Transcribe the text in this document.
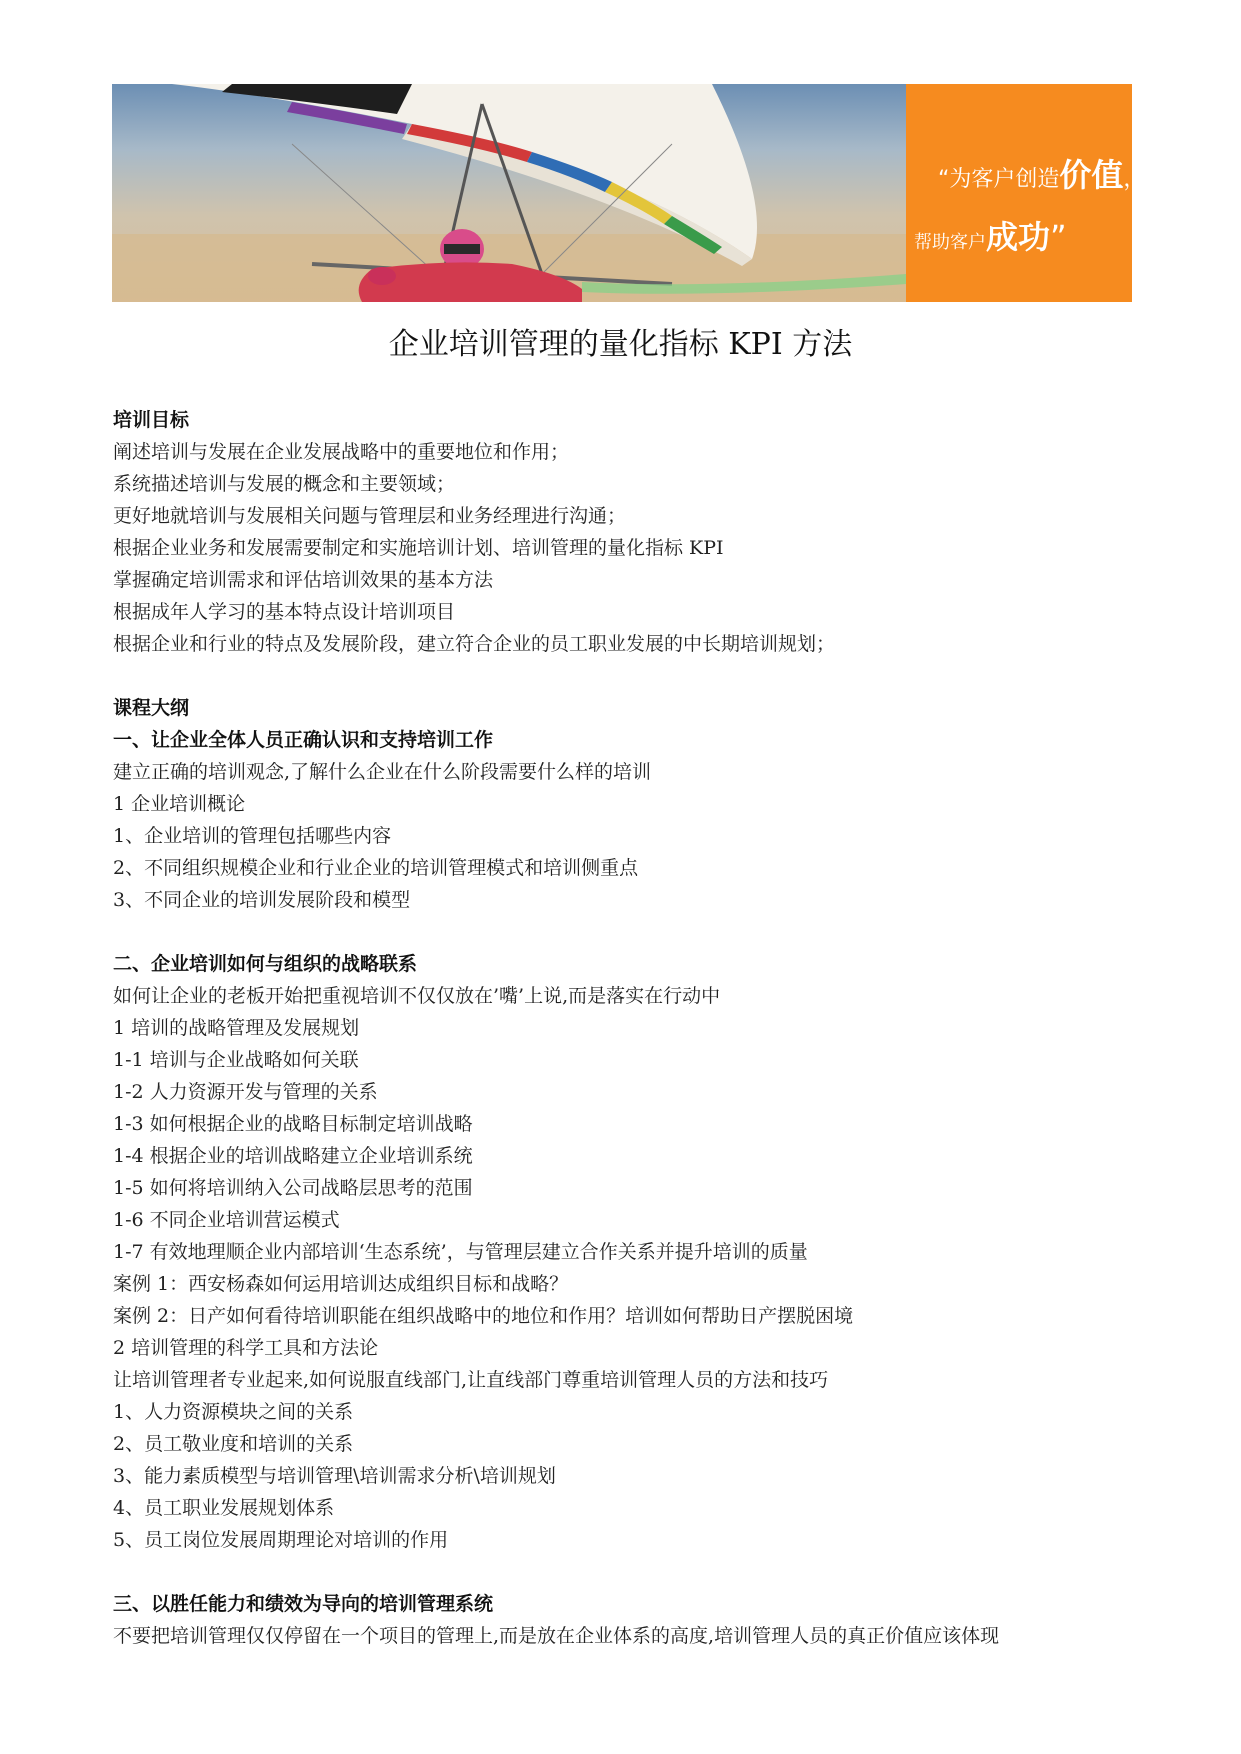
“为客户创造价值，
帮助客户成功”
企业培训管理的量化指标 KPI 方法
培训目标
阐述培训与发展在企业发展战略中的重要地位和作用；
系统描述培训与发展的概念和主要领域；
更好地就培训与发展相关问题与管理层和业务经理进行沟通；
根据企业业务和发展需要制定和实施培训计划、培训管理的量化指标 KPI
掌握确定培训需求和评估培训效果的基本方法
根据成年人学习的基本特点设计培训项目
根据企业和行业的特点及发展阶段，建立符合企业的员工职业发展的中长期培训规划；
课程大纲
一、让企业全体人员正确认识和支持培训工作
建立正确的培训观念,了解什么企业在什么阶段需要什么样的培训
1 企业培训概论
1、企业培训的管理包括哪些内容
2、不同组织规模企业和行业企业的培训管理模式和培训侧重点
3、不同企业的培训发展阶段和模型
二、企业培训如何与组织的战略联系
如何让企业的老板开始把重视培训不仅仅放在’嘴’上说,而是落实在行动中
1 培训的战略管理及发展规划
1-1 培训与企业战略如何关联
1-2 人力资源开发与管理的关系
1-3 如何根据企业的战略目标制定培训战略
1-4 根据企业的培训战略建立企业培训系统
1-5 如何将培训纳入公司战略层思考的范围
1-6 不同企业培训营运模式
1-7 有效地理顺企业内部培训‘生态系统’，与管理层建立合作关系并提升培训的质量
案例 1：西安杨森如何运用培训达成组织目标和战略？
案例 2：日产如何看待培训职能在组织战略中的地位和作用？培训如何帮助日产摆脱困境
2 培训管理的科学工具和方法论
让培训管理者专业起来,如何说服直线部门,让直线部门尊重培训管理人员的方法和技巧
1、人力资源模块之间的关系
2、员工敬业度和培训的关系
3、能力素质模型与培训管理\培训需求分析\培训规划
4、员工职业发展规划体系
5、员工岗位发展周期理论对培训的作用
三、以胜任能力和绩效为导向的培训管理系统
不要把培训管理仅仅停留在一个项目的管理上,而是放在企业体系的高度,培训管理人员的真正价值应该体现
